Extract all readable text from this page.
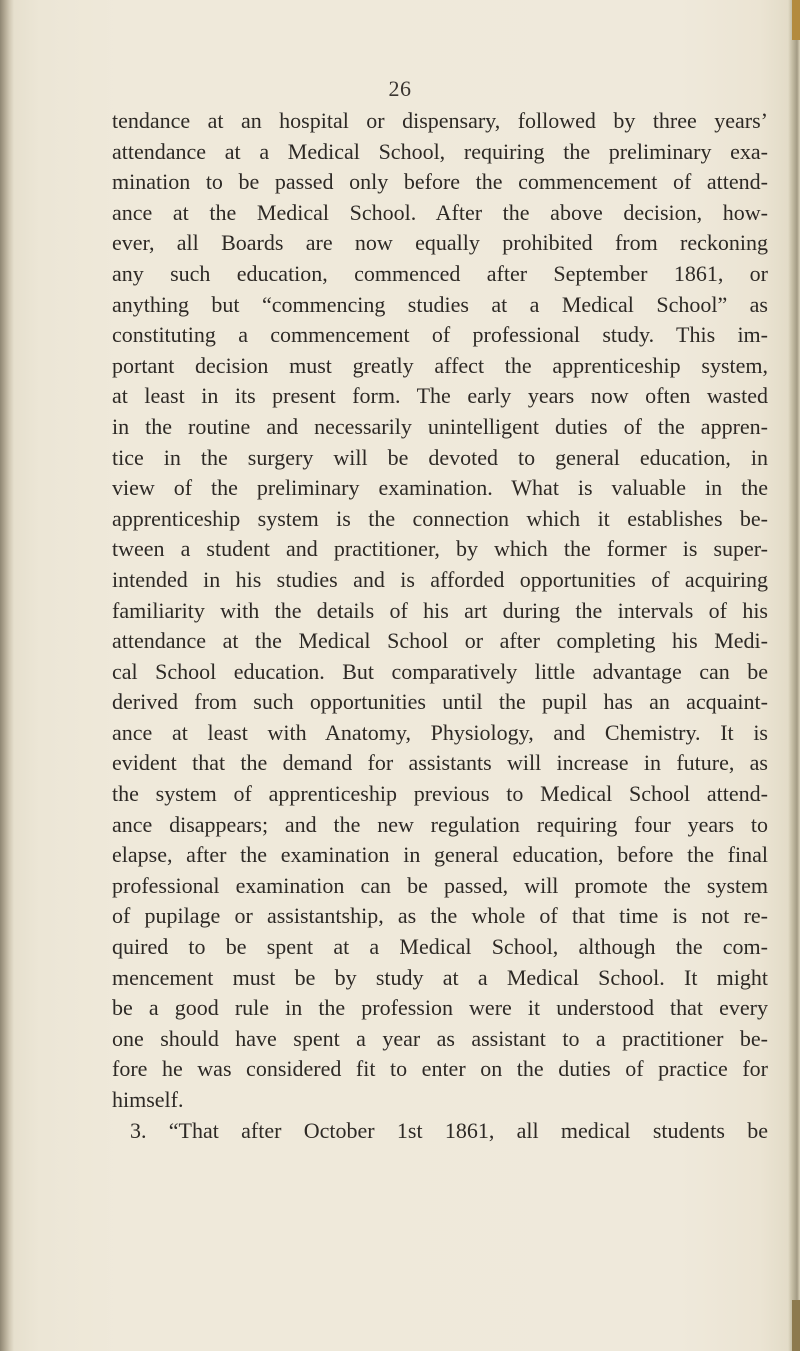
26
tendance at an hospital or dispensary, followed by three years’
attendance at a Medical School, requiring the preliminary exa-
mination to be passed only before the commencement of attend-
ance at the Medical School. After the above decision, how-
ever, all Boards are now equally prohibited from reckoning
any such education, commenced after September 1861, or
anything but “commencing studies at a Medical School” as
constituting a commencement of professional study. This im-
portant decision must greatly affect the apprenticeship system,
at least in its present form. The early years now often wasted
in the routine and necessarily unintelligent duties of the appren-
tice in the surgery will be devoted to general education, in
view of the preliminary examination. What is valuable in the
apprenticeship system is the connection which it establishes be-
tween a student and practitioner, by which the former is super-
intended in his studies and is afforded opportunities of acquiring
familiarity with the details of his art during the intervals of his
attendance at the Medical School or after completing his Medi-
cal School education. But comparatively little advantage can be
derived from such opportunities until the pupil has an acquaint-
ance at least with Anatomy, Physiology, and Chemistry. It is
evident that the demand for assistants will increase in future, as
the system of apprenticeship previous to Medical School attend-
ance disappears; and the new regulation requiring four years to
elapse, after the examination in general education, before the final
professional examination can be passed, will promote the system
of pupilage or assistantship, as the whole of that time is not re-
quired to be spent at a Medical School, although the com-
mencement must be by study at a Medical School. It might
be a good rule in the profession were it understood that every
one should have spent a year as assistant to a practitioner be-
fore he was considered fit to enter on the duties of practice for
himself.
3. “That after October 1st 1861, all medical students be
